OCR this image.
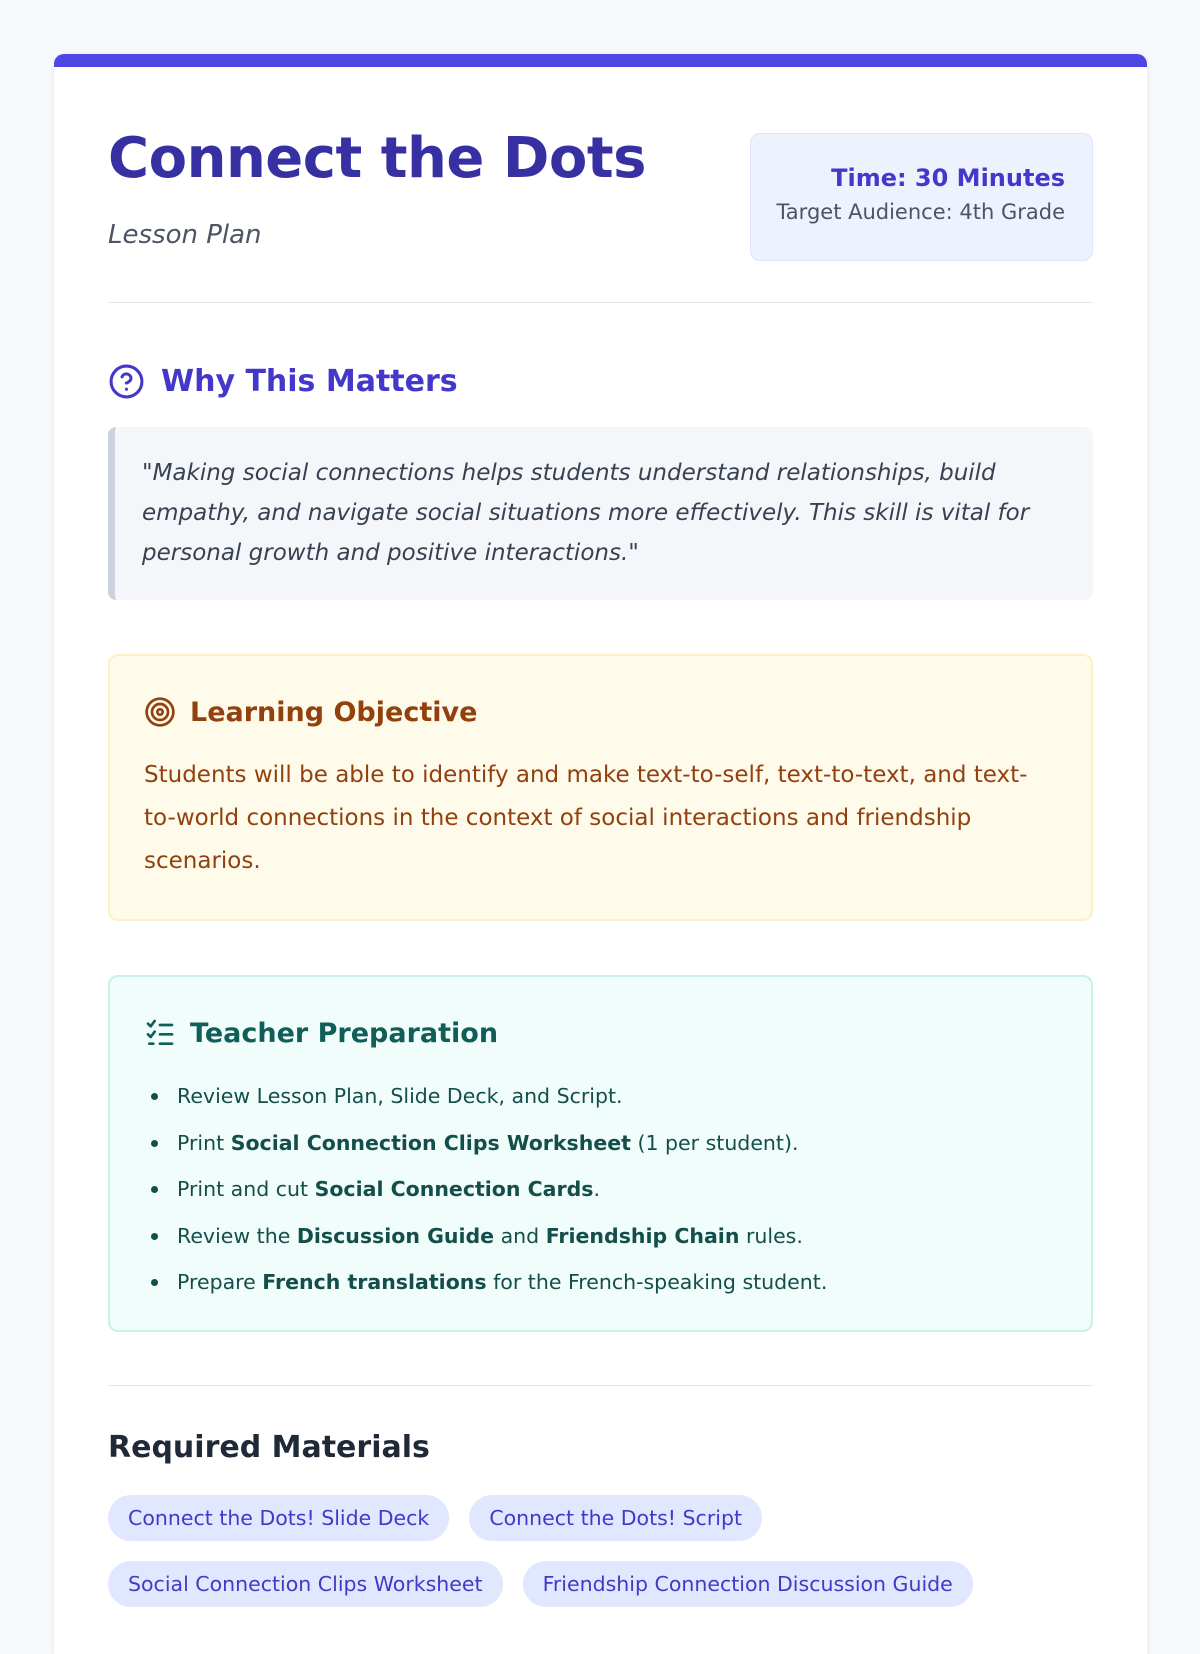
Connect the Dots
Lesson Plan
Time: 30 Minutes
Target Audience: 4th Grade
Why This Matters
"Making social connections helps students understand relationships, build empathy, and navigate social situations more effectively. This skill is vital for personal growth and positive interactions."
Learning Objective

Students will be able to identify and make text-to-self, text-to-text, and text-to-world connections in the context of social interactions and friendship scenarios.

Teacher Preparation
Review Lesson Plan, Slide Deck, and Script.
Print Social Connection Clips Worksheet (1 per student).
Print and cut Social Connection Cards.
Review the Discussion Guide and Friendship Chain rules.
Prepare French translations for the French-speaking student.
Required Materials
Connect the Dots! Slide Deck	Connect the Dots! Script
Social Connection Clips Worksheet	Friendship Connection Discussion Guide
